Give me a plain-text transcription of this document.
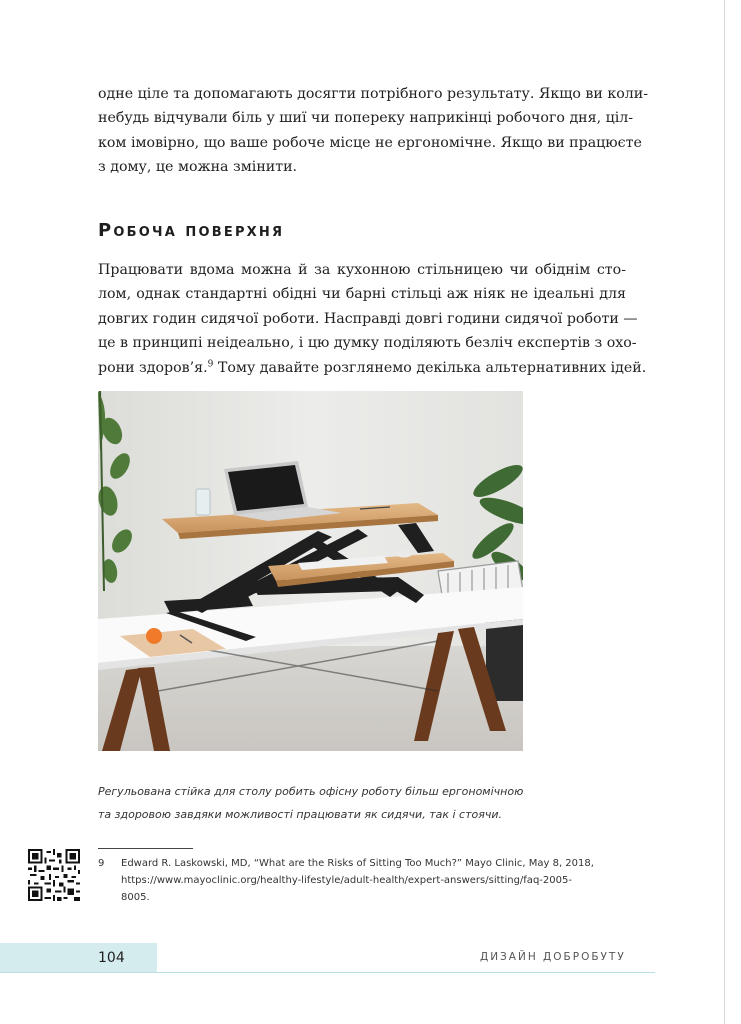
одне ціле та допомагають досягти потрібного результату. Якщо ви коли-
небудь відчували біль у шиї чи попереку наприкінці робочого дня, цiл-
ком імовірно, що ваше робоче місце не ергономічне. Якщо ви працюєте
з дому, це можна змінити.

Робоча поверхня

Працювати вдома можна й за кухонною стільницею чи обіднім сто-
лом, однак стандартні обідні чи барні стільці аж ніяк не ідеальні для
довгих годин сидячої роботи. Насправді довгі години сидячої роботи —
це в принципі неідеально, і цю думку поділяють безліч експертів з охо-
рони здоров’я.$^9$ Тому давайте розглянемо декілька альтернативних ідей.

Регульована стійка для столу робить офісну роботу більш ергономічною
та здоровою завдяки можливості працювати як сидячи, так і стоячи.

9 Edward R. Laskowski, MD, “What are the Risks of Sitting Too Much?” Mayo Clinic, May 8, 2018,
https://www.mayoclinic.org/healthy-lifestyle/adult-health/expert-answers/sitting/faq-2005-
8005.

104	ДИЗАЙН ДОБРОБУТУ
